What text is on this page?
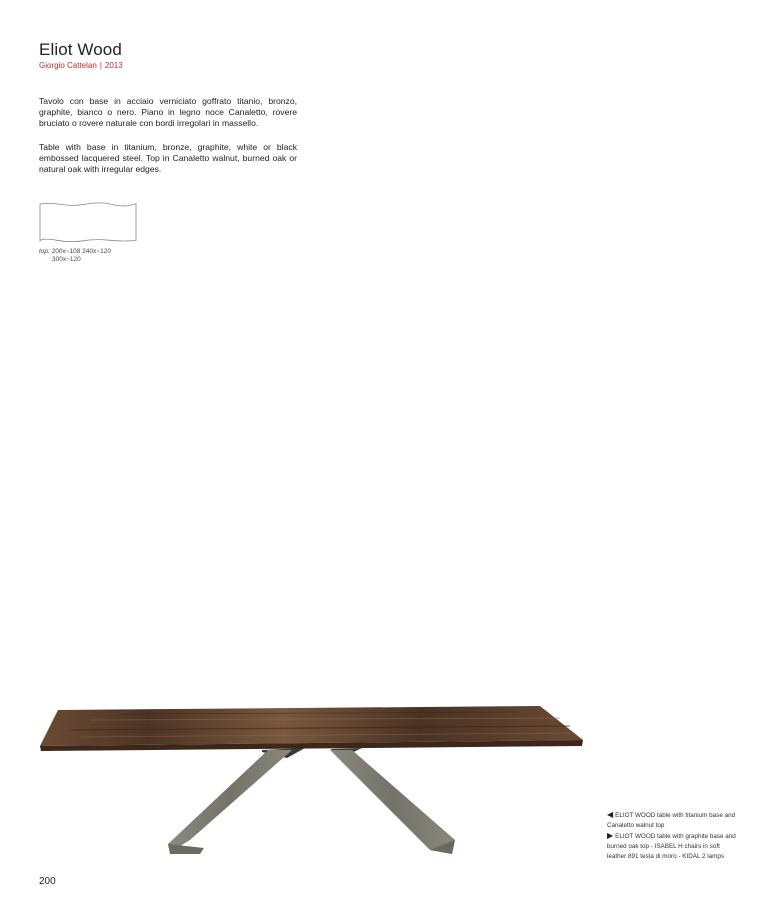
Eliot Wood
Giorgio Cattelan | 2013
Tavolo con base in acciaio verniciato goffrato titanio, bronzo, graphite, bianco o nero. Piano in legno noce Canaletto, rovere bruciato o rovere naturale con bordi irregolari in massello.
Table with base in titanium, bronze, graphite, white or black embossed lacquered steel. Top in Canaletto walnut, burned oak or natural oak with irregular edges.
top: 200x~108 240x~120
300x~120
◀ ELIOT WOOD table with titanium base and Canaletto walnut top
▶ ELIOT WOOD table with graphite base and burned oak top - ISABEL H chairs in soft leather 891 testa di moro - KIDAL 2 lamps
200
